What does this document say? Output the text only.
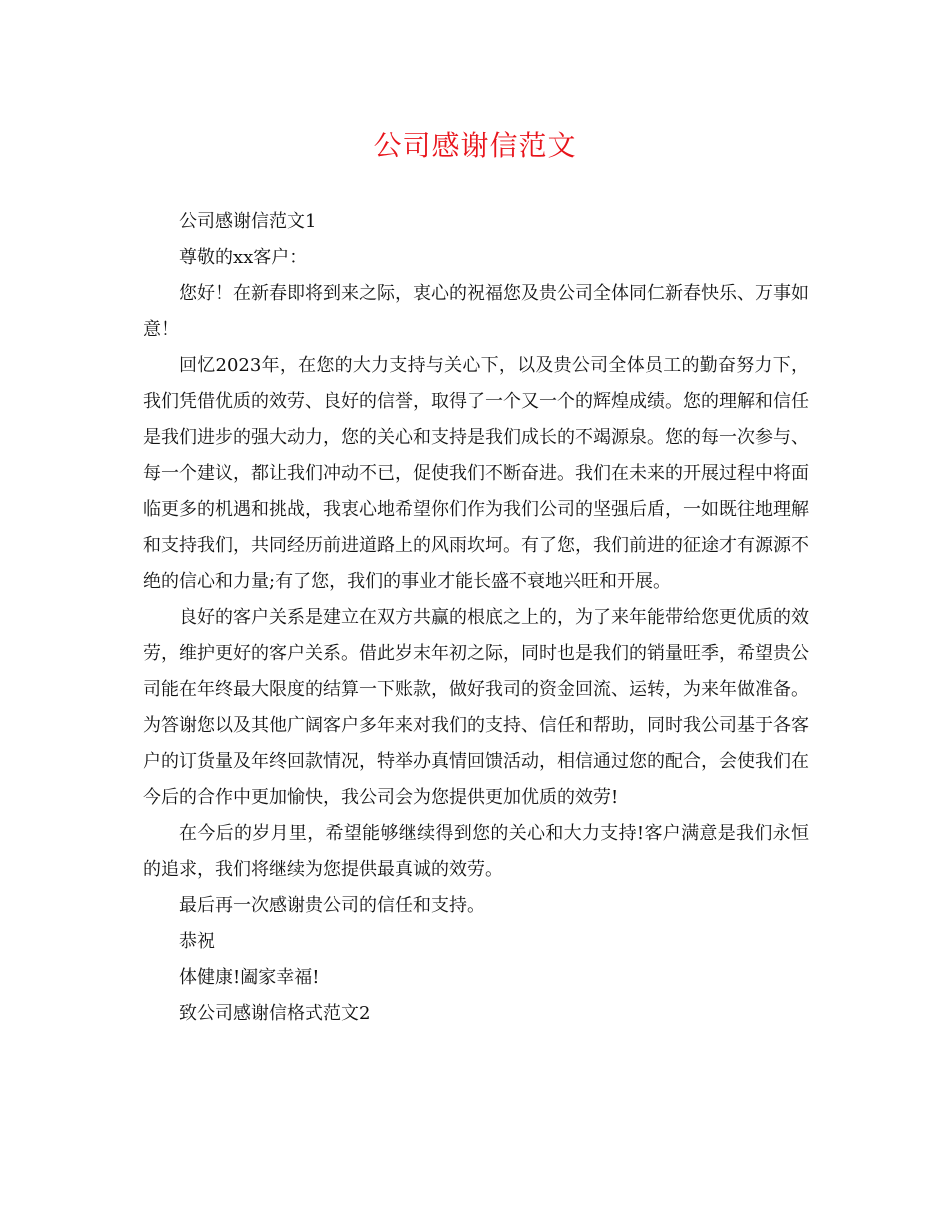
公司感谢信范文

公司感谢信范文1

尊敬的xx客户：

您好！在新春即将到来之际，衷心的祝福您及贵公司全体同仁新春快乐、万事如意！

回忆2023年，在您的大力支持与关心下，以及贵公司全体员工的勤奋努力下，我们凭借优质的效劳、良好的信誉，取得了一个又一个的辉煌成绩。您的理解和信任是我们进步的强大动力，您的关心和支持是我们成长的不竭源泉。您的每一次参与、每一个建议，都让我们冲动不已，促使我们不断奋进。我们在未来的开展过程中将面临更多的机遇和挑战，我衷心地希望你们作为我们公司的坚强后盾，一如既往地理解和支持我们，共同经历前进道路上的风雨坎坷。有了您，我们前进的征途才有源源不绝的信心和力量;有了您，我们的事业才能长盛不衰地兴旺和开展。

良好的客户关系是建立在双方共赢的根底之上的，为了来年能带给您更优质的效劳，维护更好的客户关系。借此岁末年初之际，同时也是我们的销量旺季，希望贵公司能在年终最大限度的结算一下账款，做好我司的资金回流、运转，为来年做准备。为答谢您以及其他广阔客户多年来对我们的支持、信任和帮助，同时我公司基于各客户的订货量及年终回款情况，特举办真情回馈活动，相信通过您的配合，会使我们在今后的合作中更加愉快，我公司会为您提供更加优质的效劳!

在今后的岁月里，希望能够继续得到您的关心和大力支持!客户满意是我们永恒的追求，我们将继续为您提供最真诚的效劳。

最后再一次感谢贵公司的信任和支持。

恭祝

体健康!阖家幸福!

致公司感谢信格式范文2
